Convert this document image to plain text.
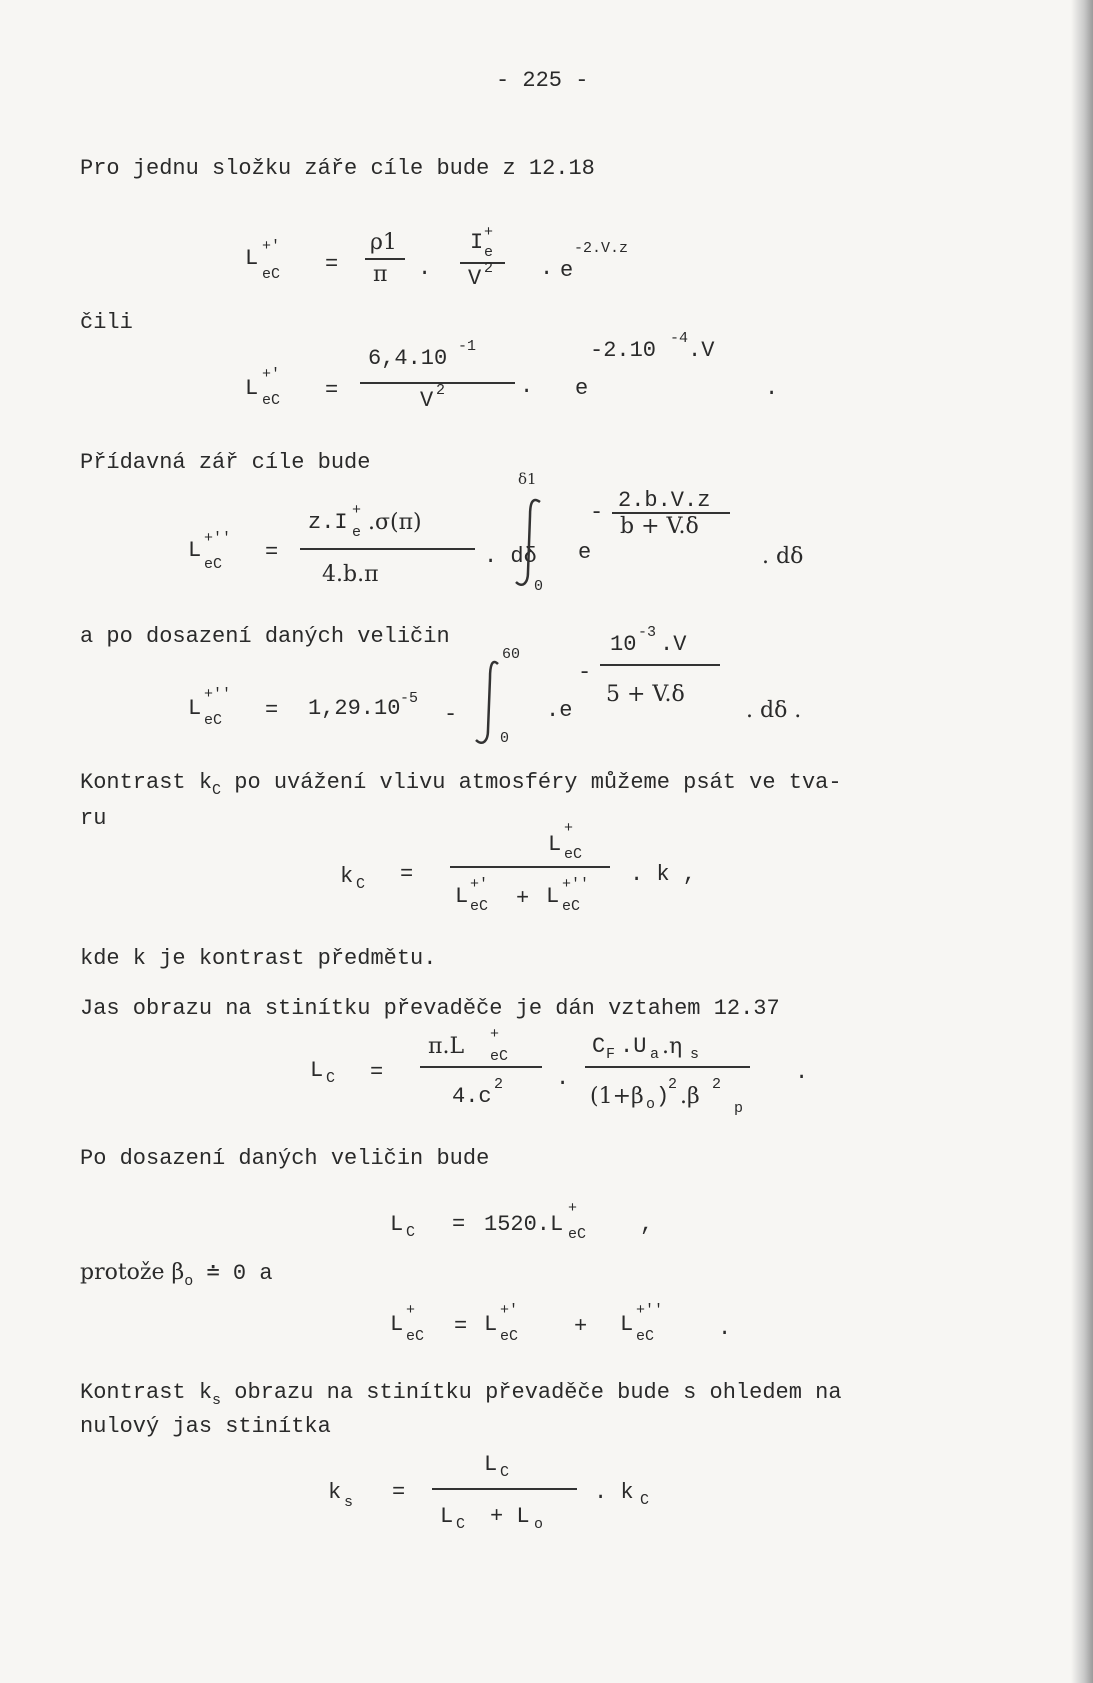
- 225 -
Pro jednu složku záře cíle bude z 12.18
L +'
eC =
ρ1
π .
I +
e
V 2 . e
-2.V.z
čili
L
+'
eC =
6,4.10 -1
V 2	. e
-2.10 -4 .V
.
Přídavná zář cíle bude
L +''
eC =
z.I +
e .σ(π)
4.b.π
. dδ
δ1
0
e
- 2.b.V.z
b + V.δ
. dδ
a po dosazení daných veličin
L
+''
eC = 1,29.10 -5
-
60
0
.e
-
10 -3 .V
5 + V.δ
. dδ .
Kontrast $k_C$ po uvážení vlivu atmosféry můžeme psát ve tva-
ru
k C =
L
+
eC
L +'
eC + L +''
eC
. k ,
kde k je kontrast předmětu.
Jas obrazu na stinítku převaděče je dán vztahem 12.37
L C =
π.L +
eC
4.c 2 .
C F .U a .η s
(1+β o )
2 .β 2
p
.
Po dosazení daných veličin bude
L C = 1520.L
+
eC ,
protože $\beta_o$ ≐ 0 a
L
+
eC = L
+'
eC	+ L
+''
eC	.
Kontrast $k_s$ obrazu na stinítku převaděče bude s ohledem na
nulový jas stinítka
k s =
L C
L C + L o
. k C
